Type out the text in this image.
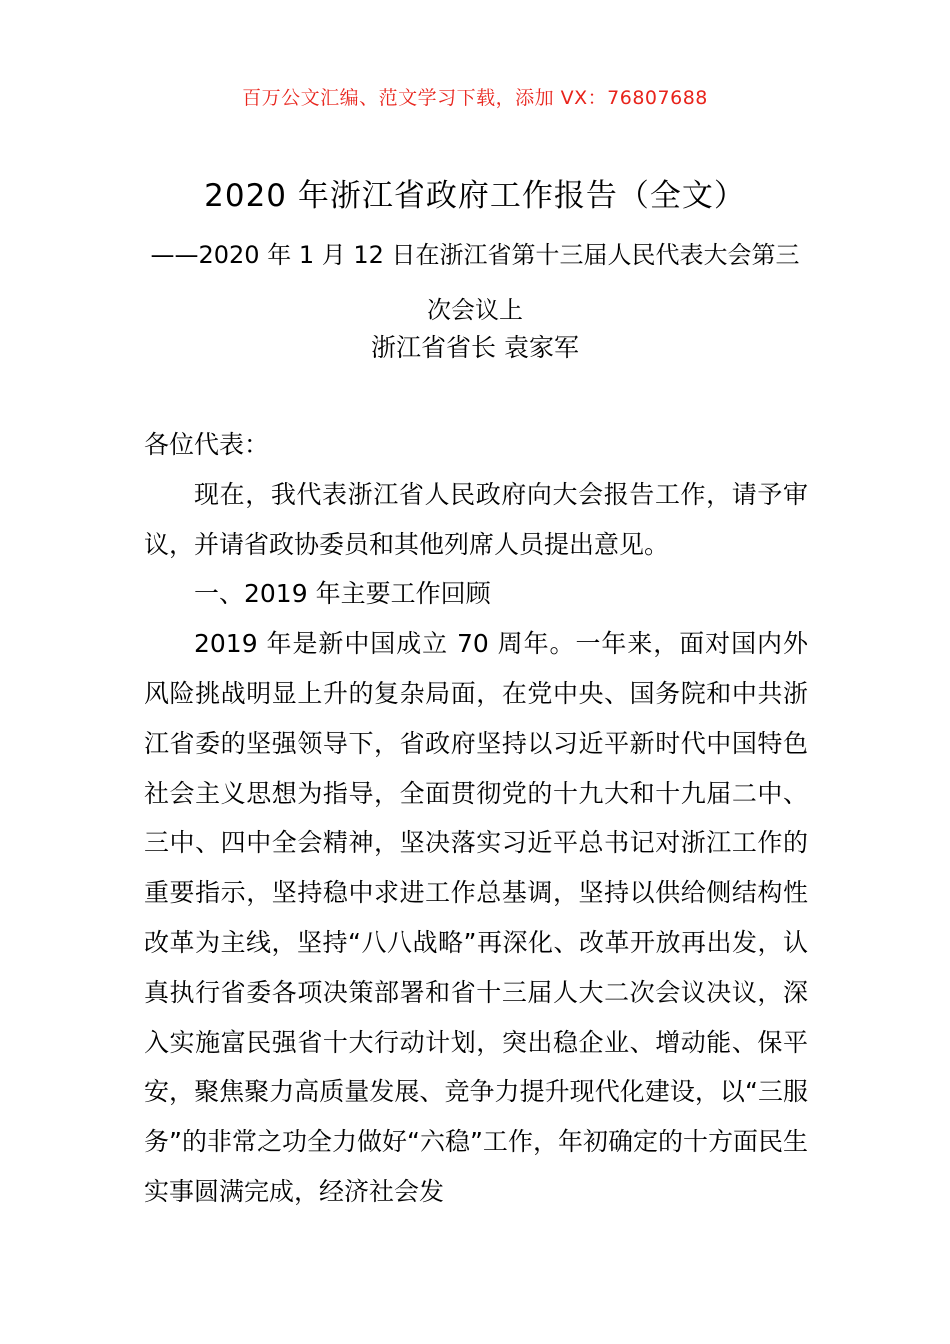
百万公文汇编、范文学习下载，添加 VX：76807688
2020 年浙江省政府工作报告（全文）
——2020 年 1 月 12 日在浙江省第十三届人民代表大会第三次会议上
浙江省省长 袁家军

各位代表：

现在，我代表浙江省人民政府向大会报告工作，请予审议，并请省政协委员和其他列席人员提出意见。

一、2019 年主要工作回顾

2019 年是新中国成立 70 周年。一年来，面对国内外风险挑战明显上升的复杂局面，在党中央、国务院和中共浙江省委的坚强领导下，省政府坚持以习近平新时代中国特色社会主义思想为指导，全面贯彻党的十九大和十九届二中、三中、四中全会精神，坚决落实习近平总书记对浙江工作的重要指示，坚持稳中求进工作总基调，坚持以供给侧结构性改革为主线，坚持“八八战略”再深化、改革开放再出发，认真执行省委各项决策部署和省十三届人大二次会议决议，深入实施富民强省十大行动计划，突出稳企业、增动能、保平安，聚焦聚力高质量发展、竞争力提升现代化建设，以“三服务”的非常之功全力做好“六稳”工作，年初确定的十方面民生实事圆满完成，经济社会发
